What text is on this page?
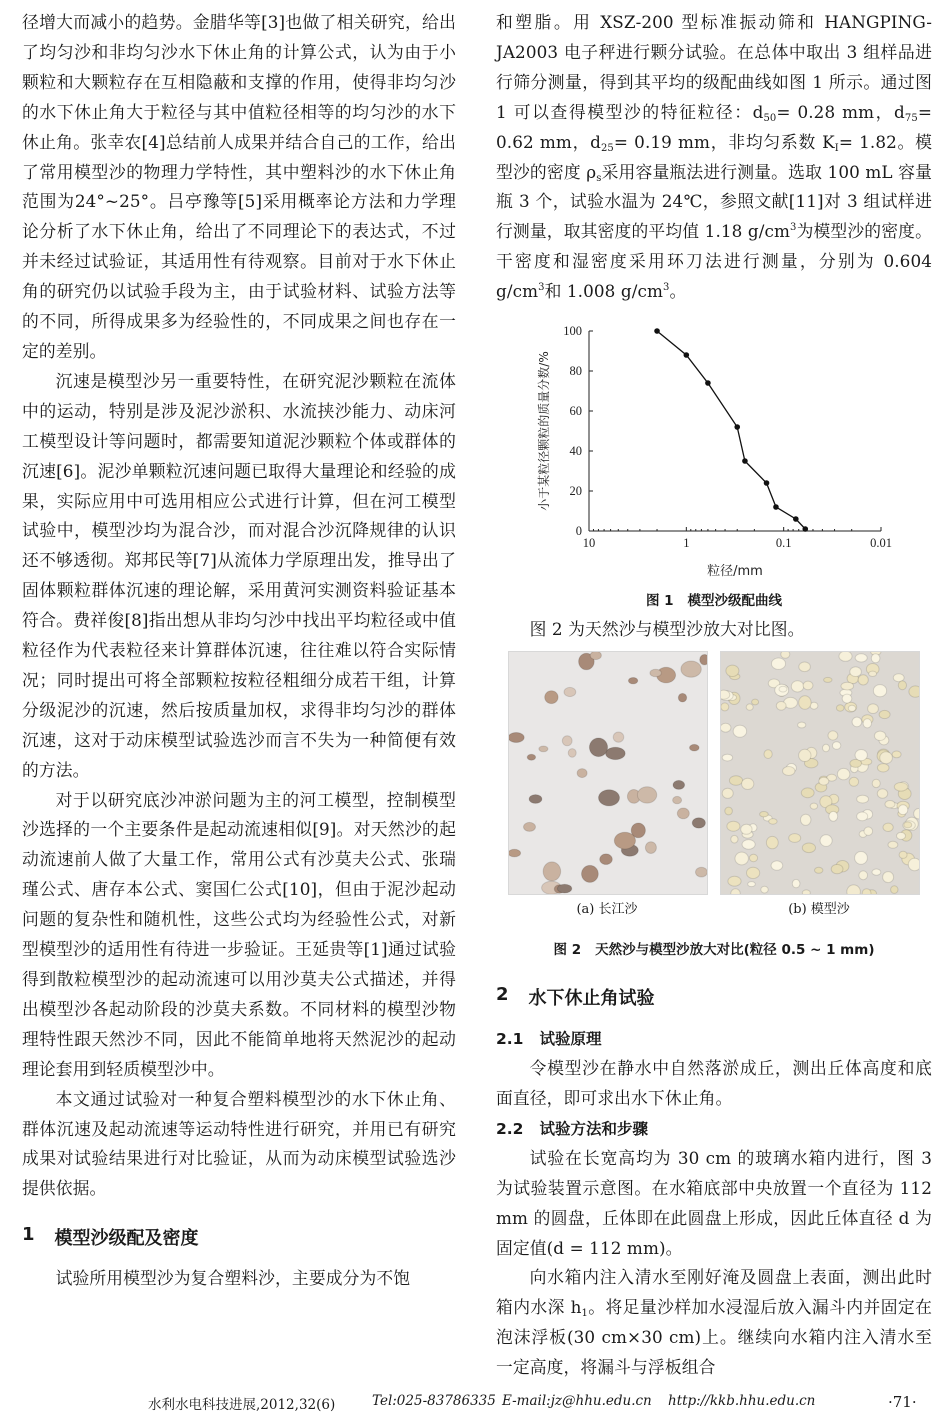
径增大而减小的趋势。金腊华等[3]也做了相关研究，给出了均匀沙和非均匀沙水下休止角的计算公式，认为由于小颗粒和大颗粒存在互相隐蔽和支撑的作用，使得非均匀沙的水下休止角大于粒径与其中值粒径相等的均匀沙的水下休止角。张幸农[4]总结前人成果并结合自己的工作，给出了常用模型沙的物理力学特性，其中塑料沙的水下休止角范围为24°~25°。吕亭豫等[5]采用概率论方法和力学理论分析了水下休止角，给出了不同理论下的表达式，不过并未经过试验证，其适用性有待观察。目前对于水下休止角的研究仍以试验手段为主，由于试验材料、试验方法等的不同，所得成果多为经验性的，不同成果之间也存在一定的差别。

沉速是模型沙另一重要特性，在研究泥沙颗粒在流体中的运动，特别是涉及泥沙淤积、水流挟沙能力、动床河工模型设计等问题时，都需要知道泥沙颗粒个体或群体的沉速[6]。泥沙单颗粒沉速问题已取得大量理论和经验的成果，实际应用中可选用相应公式进行计算，但在河工模型试验中，模型沙均为混合沙，而对混合沙沉降规律的认识还不够透彻。郑邦民等[7]从流体力学原理出发，推导出了固体颗粒群体沉速的理论解，采用黄河实测资料验证基本符合。费祥俊[8]指出想从非均匀沙中找出平均粒径或中值粒径作为代表粒径来计算群体沉速，往往难以符合实际情况；同时提出可将全部颗粒按粒径粗细分成若干组，计算分级泥沙的沉速，然后按质量加权，求得非均匀沙的群体沉速，这对于动床模型试验选沙而言不失为一种简便有效的方法。

对于以研究底沙冲淤问题为主的河工模型，控制模型沙选择的一个主要条件是起动流速相似[9]。对天然沙的起动流速前人做了大量工作，常用公式有沙莫夫公式、张瑞瑾公式、唐存本公式、窦国仁公式[10]，但由于泥沙起动问题的复杂性和随机性，这些公式均为经验性公式，对新型模型沙的适用性有待进一步验证。王延贵等[1]通过试验得到散粒模型沙的起动流速可以用沙莫夫公式描述，并得出模型沙各起动阶段的沙莫夫系数。不同材料的模型沙物理特性跟天然沙不同，因此不能简单地将天然泥沙的起动理论套用到轻质模型沙中。

本文通过试验对一种复合塑料模型沙的水下休止角、群体沉速及起动流速等运动特性进行研究，并用已有研究成果对试验结果进行对比验证，从而为动床模型试验选沙提供依据。

1 模型沙级配及密度

试验所用模型沙为复合塑料沙，主要成分为不饱

和塑脂。用 XSZ-200 型标准振动筛和 HANGPING-JA2003 电子秤进行颗分试验。在总体中取出 3 组样品进行筛分测量，得到其平均的级配曲线如图 1 所示。通过图 1 可以查得模型沙的特征粒径：$d_{50}= 0.28$ mm，$d_{75}= 0.62$ mm，$d_{25}= 0.19$ mm，非均匀系数 $K_I= 1.82$。模型沙的密度 $\rho_s$采用容量瓶法进行测量。选取 100 mL 容量瓶 3 个，试验水温为 24℃，参照文献[11]对 3 组试样进行测量，取其密度的平均值 1.18 $g/cm^3$为模型沙的密度。干密度和湿密度采用环刀法进行测量，分别为 0.604 $g/cm^3$和 1.008 $g/cm^3$。

0
20
40
60
80
100
10	1	0.1	0.01
粒径/mm
小于某粒径颗粒的质量分数/%

图 1 模型沙级配曲线

图 2 为天然沙与模型沙放大对比图。

(a) 长江沙	(b) 模型沙

图 2 天然沙与模型沙放大对比(粒径 0.5 ~ 1 mm)

2 水下休止角试验
2.1 试验原理

令模型沙在静水中自然落淤成丘，测出丘体高度和底面直径，即可求出水下休止角。

2.2 试验方法和步骤

试验在长宽高均为 30 cm 的玻璃水箱内进行，图 3 为试验装置示意图。在水箱底部中央放置一个直径为 112 mm 的圆盘，丘体即在此圆盘上形成，因此丘体直径 d 为固定值(d = 112 mm)。

向水箱内注入清水至刚好淹及圆盘上表面，测出此时箱内水深 $h_1$。将足量沙样加水浸湿后放入漏斗内并固定在泡沫浮板(30 cm×30 cm)上。继续向水箱内注入清水至一定高度，将漏斗与浮板组合

水利水电科技进展,2012,32(6)	Tel:025-83786335 E-mail:jz@hhu.edu.cn http://kkb.hhu.edu.cn	·71·
